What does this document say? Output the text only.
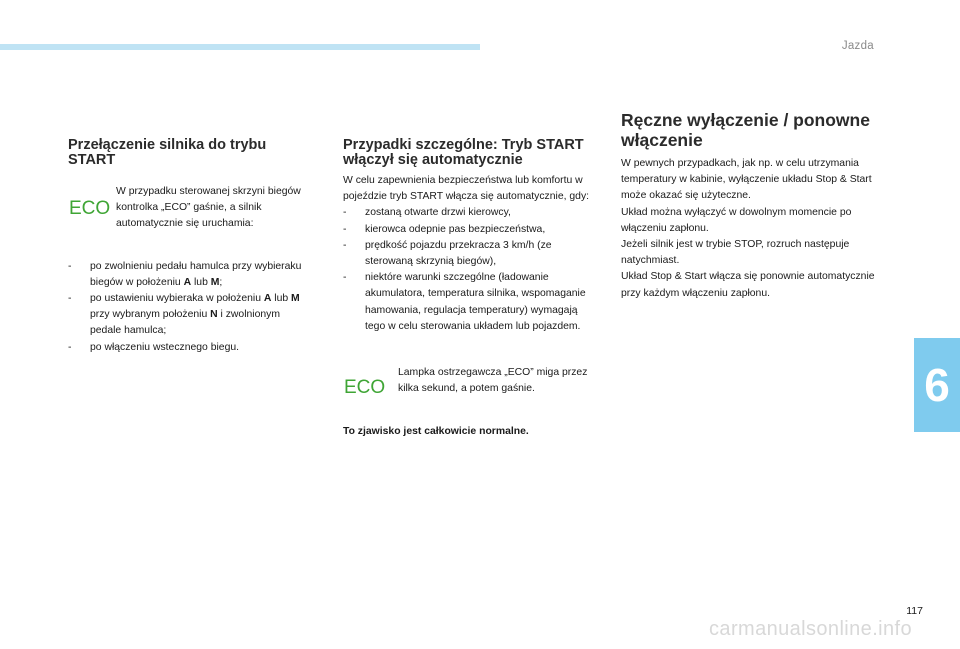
Jazda
6
Przełączenie silnika do trybu START
ECO

W przypadku sterowanej skrzyni biegów kontrolka „ECO” gaśnie, a silnik automatycznie się uruchamia:

- po zwolnieniu pedału hamulca przy wybieraku biegów w położeniu A lub M;
- po ustawieniu wybieraka w położeniu A lub M przy wybranym położeniu N i zwolnionym pedale hamulca;
- po włączeniu wstecznego biegu.
Przypadki szczególne: Tryb START włączył się automatycznie

W celu zapewnienia bezpieczeństwa lub komfortu w pojeździe tryb START włącza się automatycznie, gdy:

- zostaną otwarte drzwi kierowcy,
- kierowca odepnie pas bezpieczeństwa,
- prędkość pojazdu przekracza 3 km/h (ze sterowaną skrzynią biegów),
- niektóre warunki szczególne (ładowanie akumulatora, temperatura silnika, wspomaganie hamowania, regulacja temperatury) wymagają tego w celu sterowania układem lub pojazdem.
ECO

Lampka ostrzegawcza „ECO” miga przez kilka sekund, a potem gaśnie.

To zjawisko jest całkowicie normalne.

Ręczne wyłączenie / ponowne włączenie

W pewnych przypadkach, jak np. w celu utrzymania temperatury w kabinie, wyłączenie układu Stop & Start może okazać się użyteczne.

Układ można wyłączyć w dowolnym momencie po włączeniu zapłonu.

Jeżeli silnik jest w trybie STOP, rozruch następuje natychmiast.

Układ Stop & Start włącza się ponownie automatycznie przy każdym włączeniu zapłonu.

117
carmanualsonline.info
